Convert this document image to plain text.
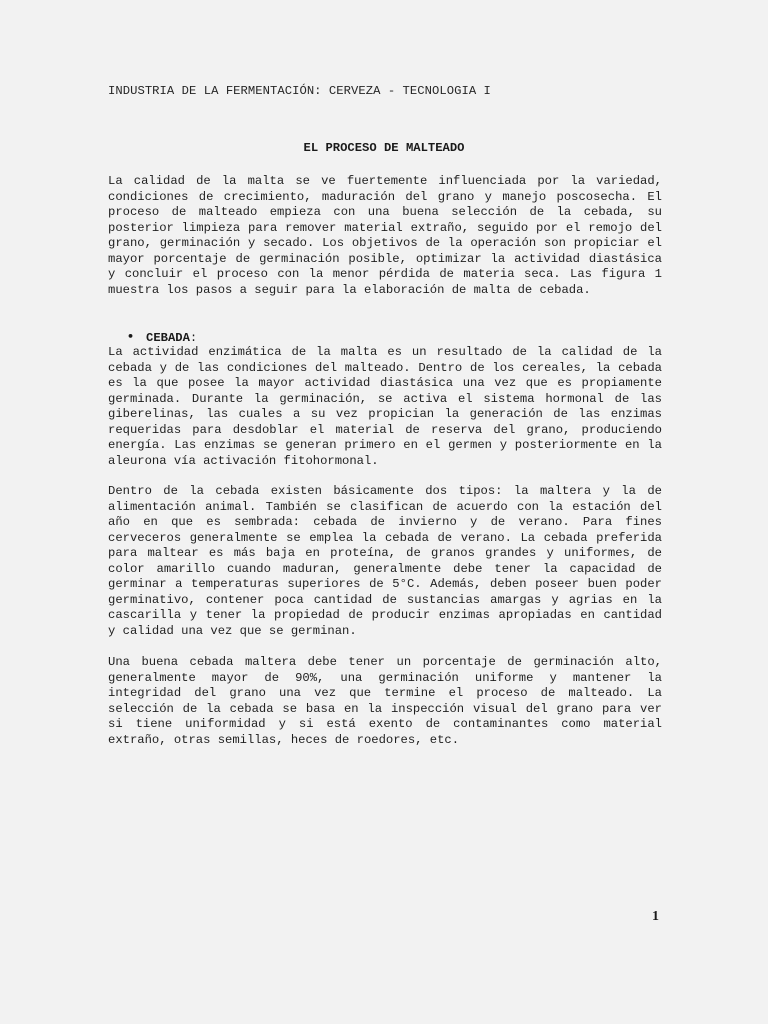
INDUSTRIA DE LA FERMENTACIÓN: CERVEZA - TECNOLOGIA I
EL PROCESO DE MALTEADO

La calidad de la malta se ve fuertemente influenciada por la variedad, condiciones de crecimiento, maduración del grano y manejo poscosecha. El proceso de malteado empieza con una buena selección de la cebada, su posterior limpieza para remover material extraño, seguido por el remojo del grano, germinación y secado. Los objetivos de la operación son propiciar el mayor porcentaje de germinación posible, optimizar la actividad diastásica y concluir el proceso con la menor pérdida de materia seca. Las figura 1 muestra los pasos a seguir para la elaboración de malta de cebada.

• CEBADA:

La actividad enzimática de la malta es un resultado de la calidad de la cebada y de las condiciones del malteado. Dentro de los cereales, la cebada es la que posee la mayor actividad diastásica una vez que es propiamente germinada. Durante la germinación, se activa el sistema hormonal de las giberelinas, las cuales a su vez propician la generación de las enzimas requeridas para desdoblar el material de reserva del grano, produciendo energía. Las enzimas se generan primero en el germen y posteriormente en la aleurona vía activación fitohormonal.

Dentro de la cebada existen básicamente dos tipos: la maltera y la de alimentación animal. También se clasifican de acuerdo con la estación del año en que es sembrada: cebada de invierno y de verano. Para fines cerveceros generalmente se emplea la cebada de verano. La cebada preferida para maltear es más baja en proteína, de granos grandes y uniformes, de color amarillo cuando maduran, generalmente debe tener la capacidad de germinar a temperaturas superiores de 5°C. Además, deben poseer buen poder germinativo, contener poca cantidad de sustancias amargas y agrias en la cascarilla y tener la propiedad de producir enzimas apropiadas en cantidad y calidad una vez que se germinan.

Una buena cebada maltera debe tener un porcentaje de germinación alto, generalmente mayor de 90%, una germinación uniforme y mantener la integridad del grano una vez que termine el proceso de malteado. La selección de la cebada se basa en la inspección visual del grano para ver si tiene uniformidad y si está exento de contaminantes como material extraño, otras semillas, heces de roedores, etc.

1
